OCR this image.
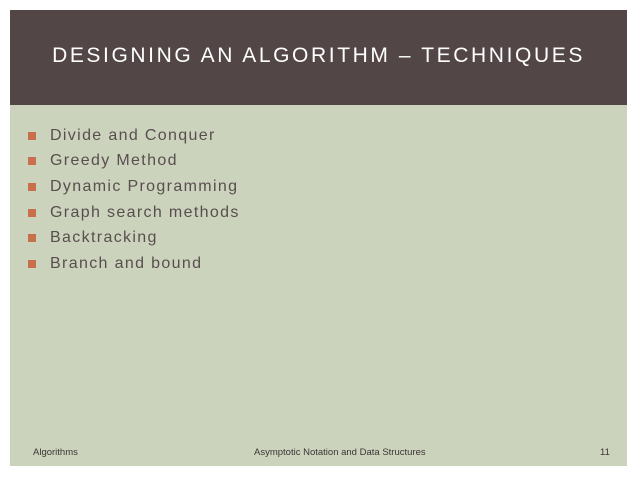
DESIGNING AN ALGORITHM – TECHNIQUES
Divide and Conquer
Greedy Method
Dynamic Programming
Graph search methods
Backtracking
Branch and bound
Algorithms	Asymptotic Notation and Data Structures	11
